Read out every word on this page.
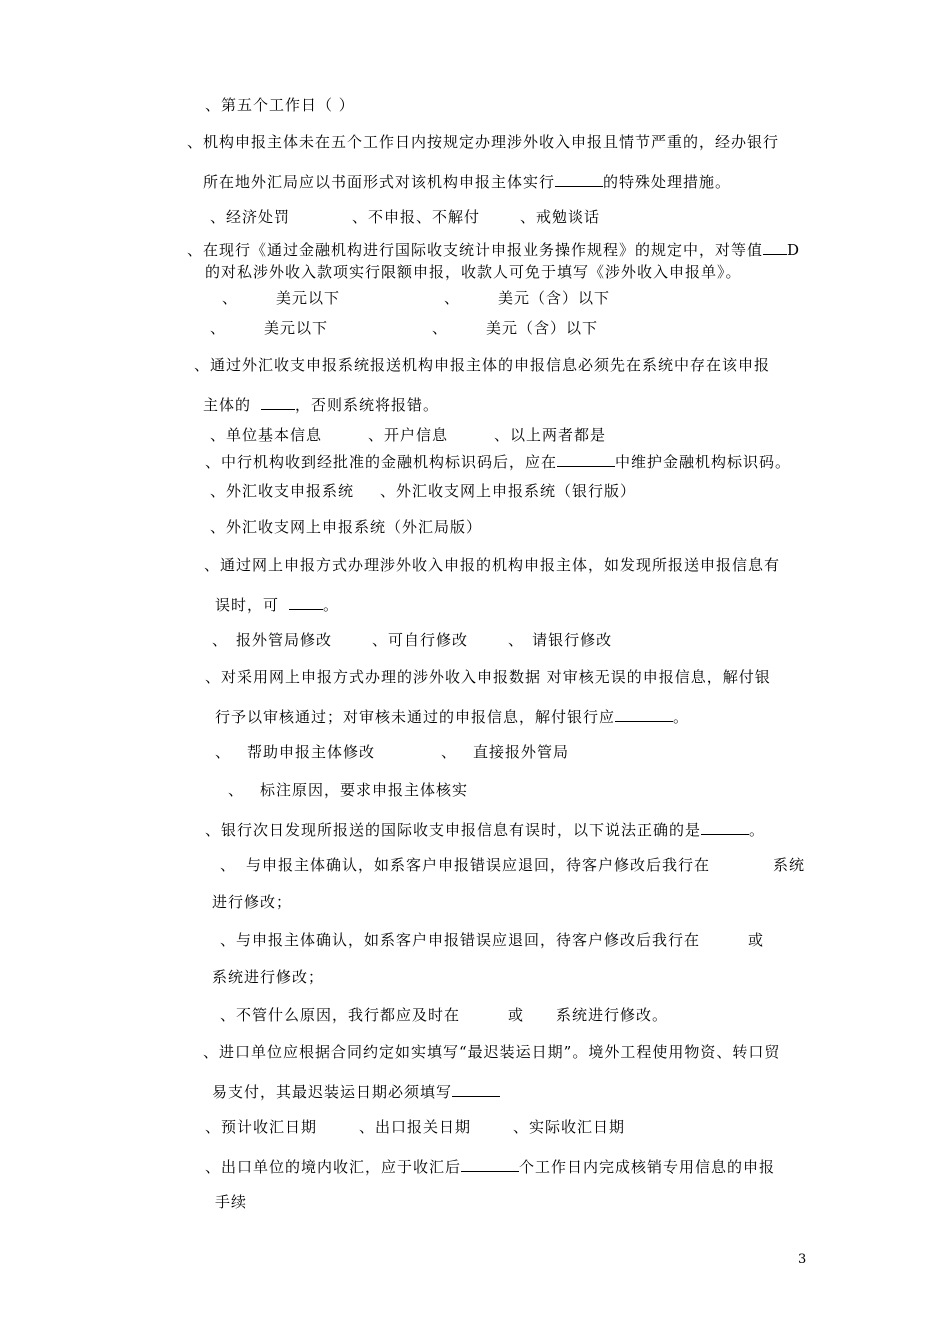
、第五个工作日（ ）
、机构申报主体未在五个工作日内按规定办理涉外收入申报且情节严重的，经办银行
所在地外汇局应以书面形式对该机构申报主体实行	的特殊处理措施。
、经济处罚	、不申报、不解付	、戒勉谈话
、在现行《通过金融机构进行国际收支统计申报业务操作规程》的规定中，对等值 D
的对私涉外收入款项实行限额申报，收款人可免于填写《涉外收入申报单》。
、	美元以下	、	美元（含）以下
、	美元以下	、	美元（含）以下
、通过外汇收支申报系统报送机构申报主体的申报信息必须先在系统中存在该申报
主体的	，否则系统将报错。
、单位基本信息	、开户信息	、以上两者都是
、中行机构收到经批准的金融机构标识码后，应在	中维护金融机构标识码。
、外汇收支申报系统 、外汇收支网上申报系统（银行版）
、外汇收支网上申报系统（外汇局版）
、通过网上申报方式办理涉外收入申报的机构申报主体，如发现所报送申报信息有
误时，可	。
、 报外管局修改	、可自行修改	、 请银行修改
、对采用网上申报方式办理的涉外收入申报数据 对审核无误的申报信息，解付银
行予以审核通过；对审核未通过的申报信息，解付银行应	。
、 帮助申报主体修改	、 直接报外管局
、 标注原因，要求申报主体核实
、银行次日发现所报送的国际收支申报信息有误时，以下说法正确的是	。
、 与申报主体确认，如系客户申报错误应退回，待客户修改后我行在	系统
进行修改；
、与申报主体确认，如系客户申报错误应退回，待客户修改后我行在	或
系统进行修改；
、不管什么原因，我行都应及时在	或 系统进行修改。
、进口单位应根据合同约定如实填写“最迟装运日期”。境外工程使用物资、转口贸
易支付，其最迟装运日期必须填写
、预计收汇日期	、出口报关日期	、实际收汇日期
、出口单位的境内收汇，应于收汇后	个工作日内完成核销专用信息的申报
手续
3
